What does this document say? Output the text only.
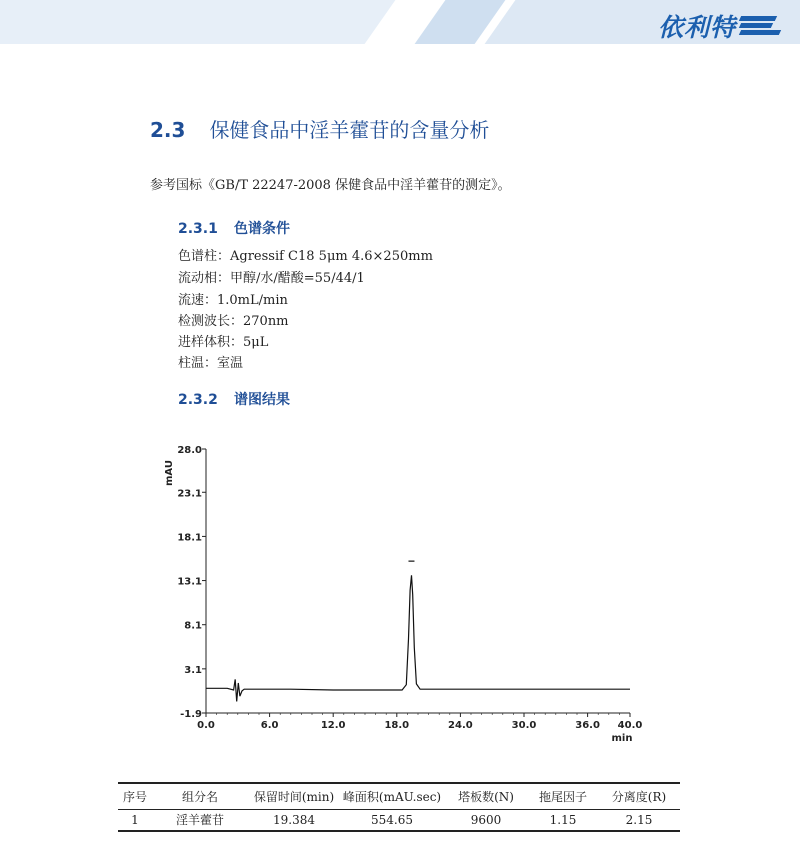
依利特
2.3 保健食品中淫羊藿苷的含量分析
参考国标《GB/T 22247-2008 保健食品中淫羊藿苷的测定》。
2.3.1 色谱条件
色谱柱：Agressif C18 5μm 4.6×250mm
流动相：甲醇/水/醋酸=55/44/1
流速：1.0mL/min
检测波长：270nm
进样体积：5μL
柱温：室温
2.3.2 谱图结果
-1.9
3.1
8.1
13.1
18.1
23.1
28.0
0.0	6.0	12.0	18.0	24.0	30.0	36.0 40.0
min
mAU
序号	组分名	保留时间(min)	峰面积(mAU.sec)	塔板数(N)	拖尾因子	分离度(R)
1	淫羊藿苷	19.384	554.65	9600	1.15	2.15
